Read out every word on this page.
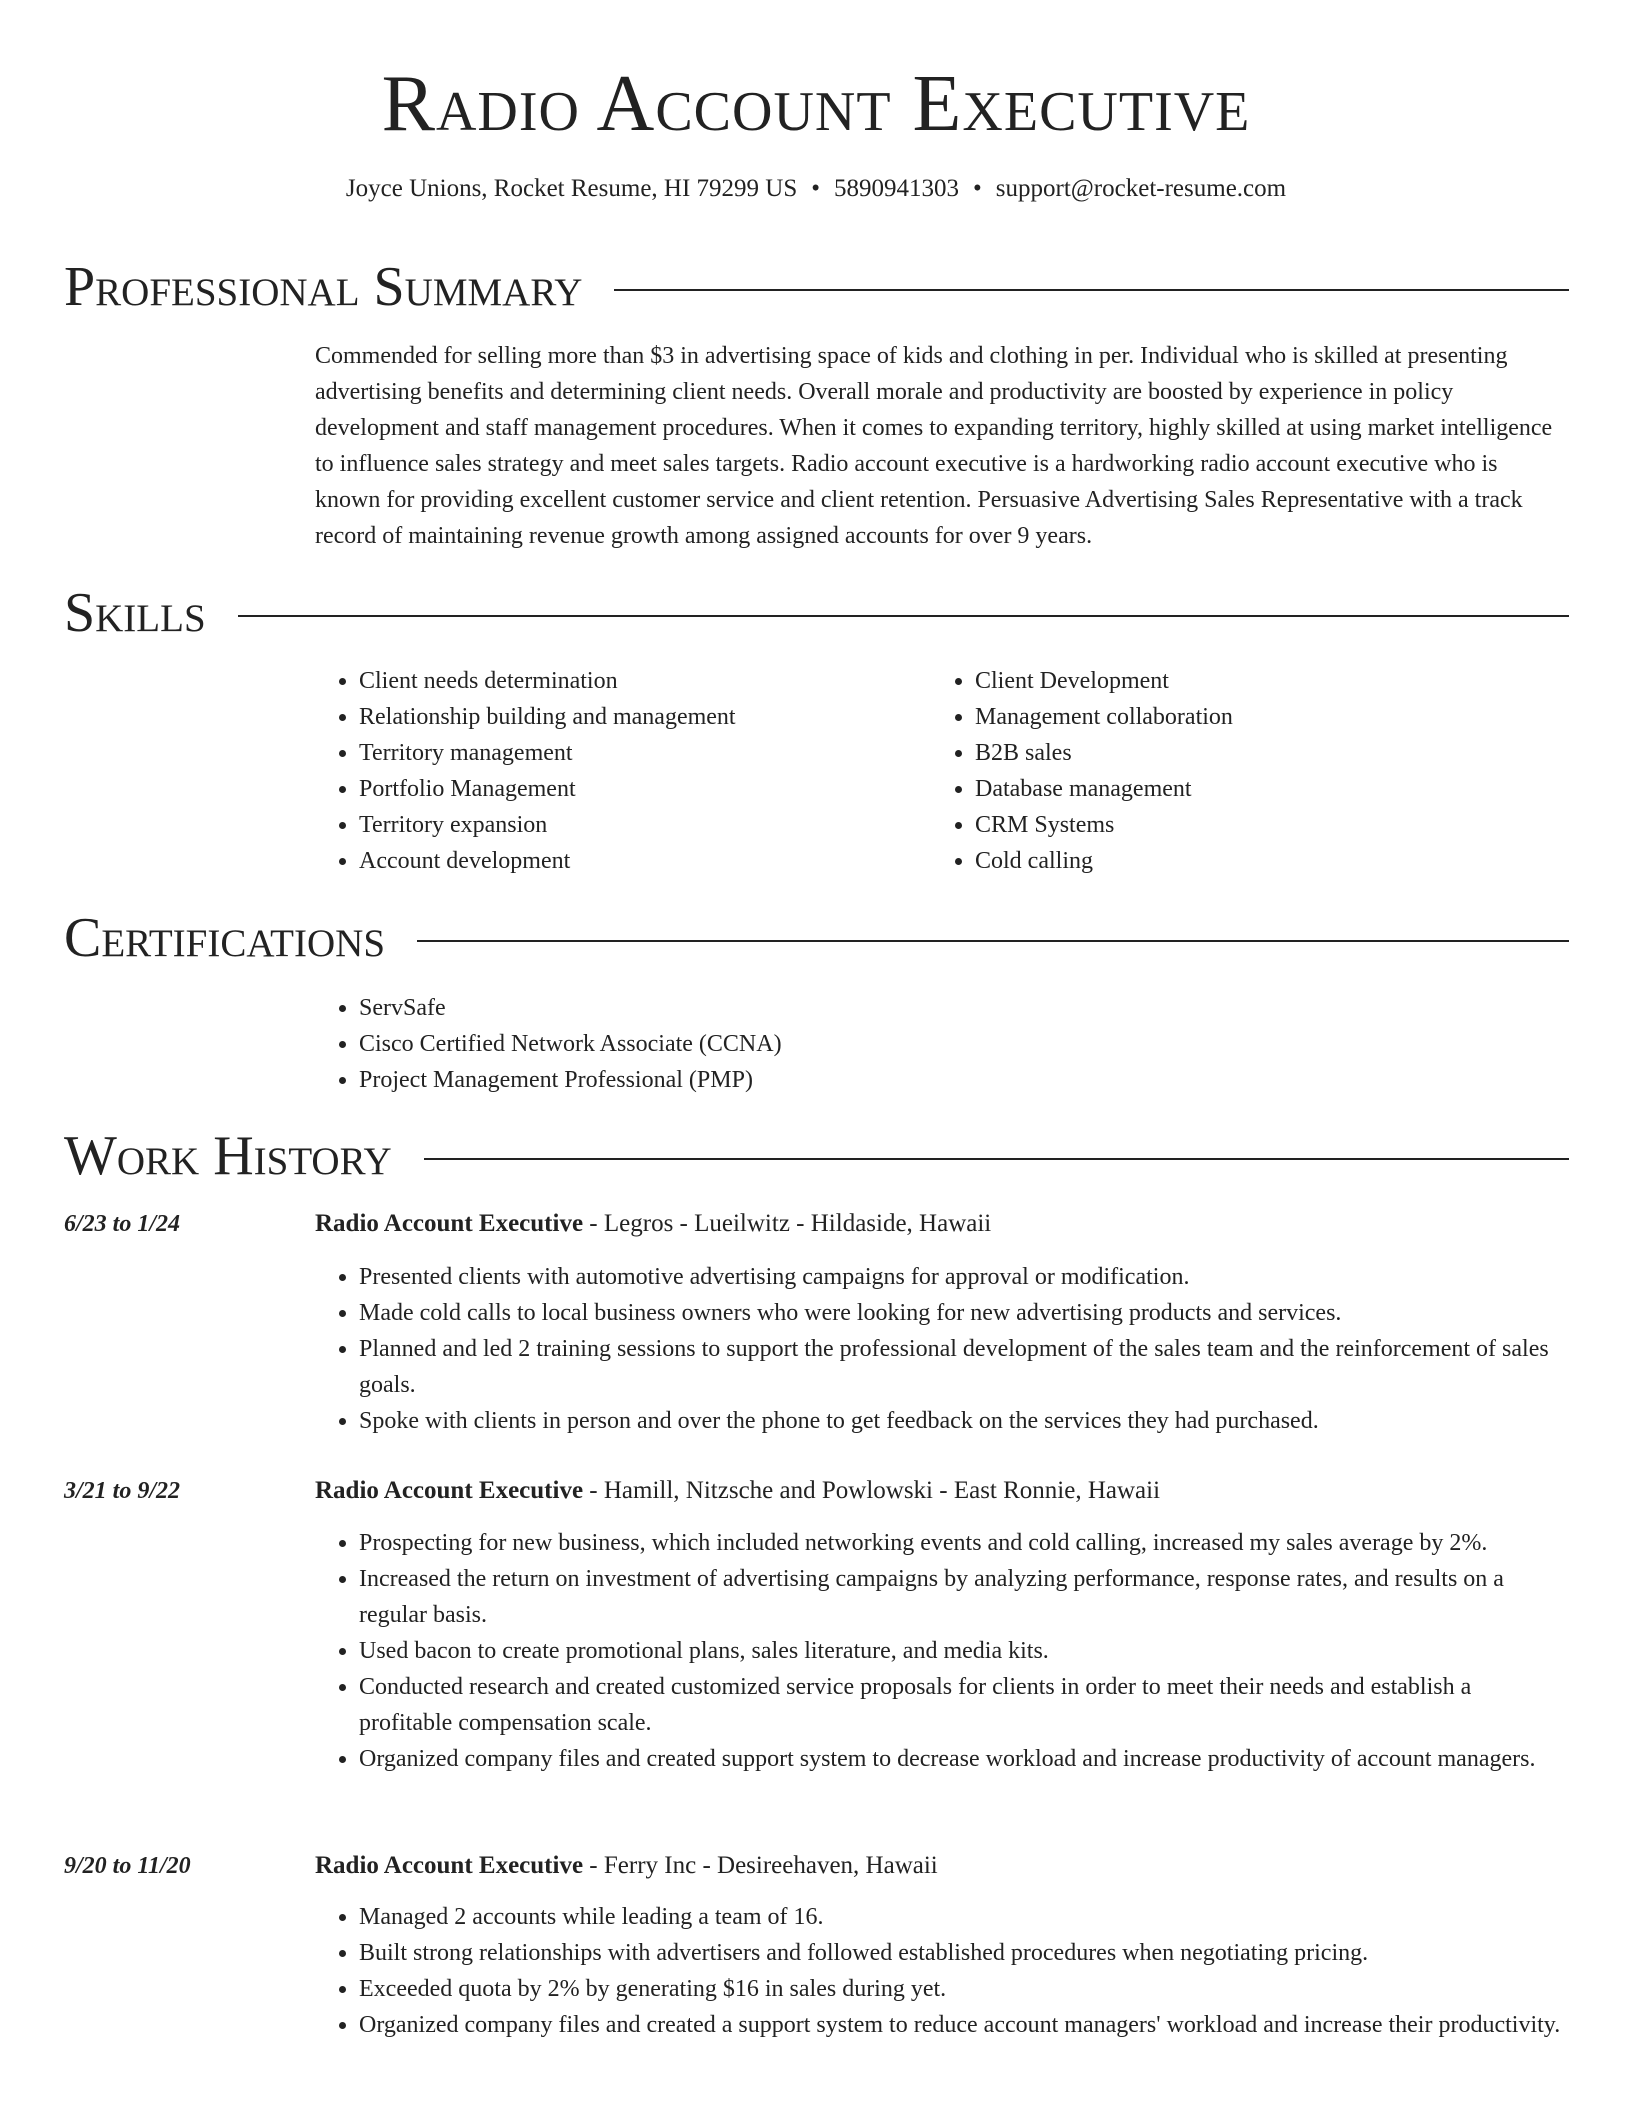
Radio Account Executive
Joyce Unions, Rocket Resume, HI 79299 US • 5890941303 • support@rocket-resume.com
Professional Summary
Commended for selling more than $3 in advertising space of kids and clothing in per. Individual who is skilled at presenting advertising benefits and determining client needs. Overall morale and productivity are boosted by experience in policy development and staff management procedures. When it comes to expanding territory, highly skilled at using market intelligence to influence sales strategy and meet sales targets. Radio account executive is a hardworking radio account executive who is known for providing excellent customer service and client retention. Persuasive Advertising Sales Representative with a track record of maintaining revenue growth among assigned accounts for over 9 years.
Skills
• Client needs determination
• Relationship building and management
• Territory management
• Portfolio Management
• Territory expansion
• Account development
• Client Development
• Management collaboration
• B2B sales
• Database management
• CRM Systems
• Cold calling
Certifications
• ServSafe
• Cisco Certified Network Associate (CCNA)
• Project Management Professional (PMP)
Work History
6/23 to 1/24	Radio Account Executive - Legros - Lueilwitz - Hildaside, Hawaii
• Presented clients with automotive advertising campaigns for approval or modification.
• Made cold calls to local business owners who were looking for new advertising products and services.
• Planned and led 2 training sessions to support the professional development of the sales team and the reinforcement of sales goals.
• Spoke with clients in person and over the phone to get feedback on the services they had purchased.
3/21 to 9/22	Radio Account Executive - Hamill, Nitzsche and Powlowski - East Ronnie, Hawaii
• Prospecting for new business, which included networking events and cold calling, increased my sales average by 2%.
• Increased the return on investment of advertising campaigns by analyzing performance, response rates, and results on a regular basis.
• Used bacon to create promotional plans, sales literature, and media kits.
• Conducted research and created customized service proposals for clients in order to meet their needs and establish a profitable compensation scale.
• Organized company files and created support system to decrease workload and increase productivity of account managers.
9/20 to 11/20	Radio Account Executive - Ferry Inc - Desireehaven, Hawaii
• Managed 2 accounts while leading a team of 16.
• Built strong relationships with advertisers and followed established procedures when negotiating pricing.
• Exceeded quota by 2% by generating $16 in sales during yet.
• Organized company files and created a support system to reduce account managers' workload and increase their productivity.
